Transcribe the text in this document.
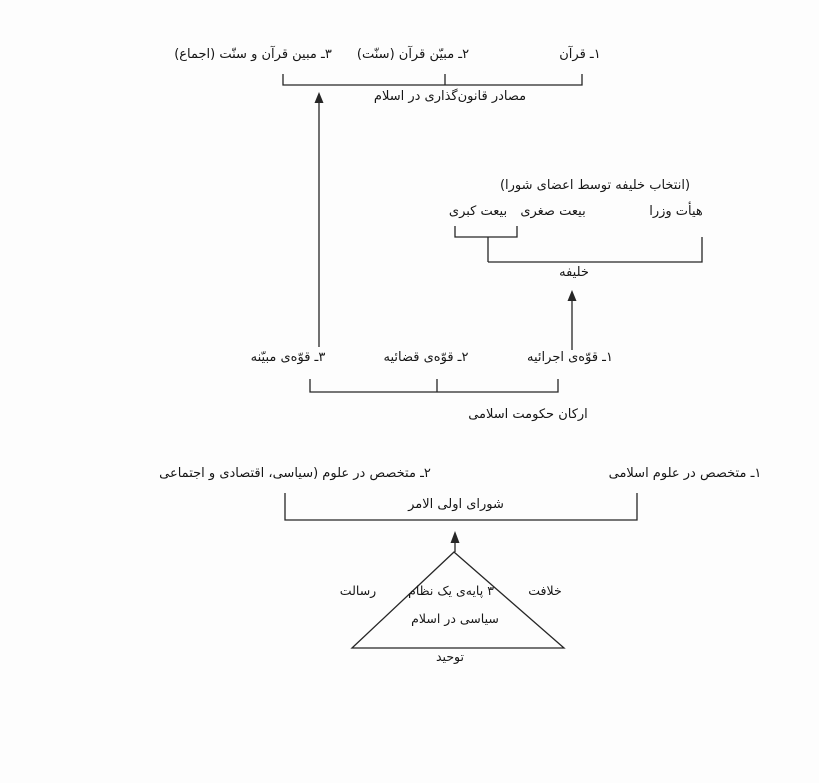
١ـ قرآن
٢ـ مبيّن قرآن (سنّت)
٣ـ مبين قرآن و سنّت (اجماع)
مصادر قانون‌گذاری در اسلام
(انتخاب خليفه توسط اعضای شورا)
هيأت وزرا
بيعت صغری
بيعت کبری
خليفه
١ـ قوّه‌ی اجرائيه
٢ـ قوّه‌ی قضائيه
٣ـ قوّه‌ی مبيّنه
ارکان حکومت اسلامی
١ـ متخصص در علوم اسلامی
٢ـ متخصص در علوم (سياسی، اقتصادی و اجتماعی
شورای اولی الامر
۳ پایه‌ی یک نظام
رسالت	خلافت
سیاسی در اسلام
توحید
